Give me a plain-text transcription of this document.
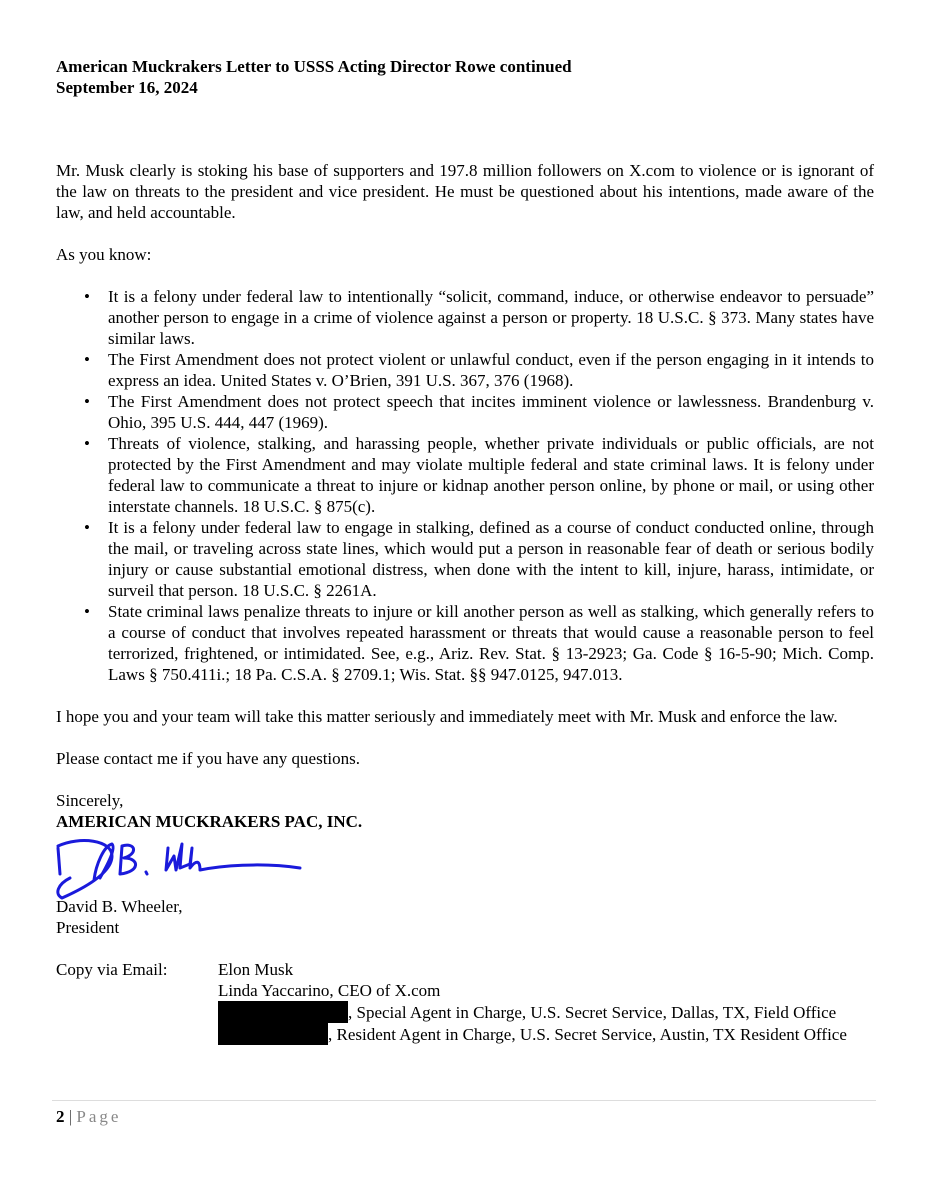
American Muckrakers Letter to USSS Acting Director Rowe continued
September 16, 2024

Mr. Musk clearly is stoking his base of supporters and 197.8 million followers on X.com to violence or is ignorant of the law on threats to the president and vice president. He must be questioned about his intentions, made aware of the law, and held accountable.

As you know:

• It is a felony under federal law to intentionally “solicit, command, induce, or otherwise endeavor to persuade” another person to engage in a crime of violence against a person or property. 18 U.S.C. § 373. Many states have similar laws.
• The First Amendment does not protect violent or unlawful conduct, even if the person engaging in it intends to express an idea. United States v. O’Brien, 391 U.S. 367, 376 (1968).
• The First Amendment does not protect speech that incites imminent violence or lawlessness. Brandenburg v. Ohio, 395 U.S. 444, 447 (1969).
• Threats of violence, stalking, and harassing people, whether private individuals or public officials, are not protected by the First Amendment and may violate multiple federal and state criminal laws. It is felony under federal law to communicate a threat to injure or kidnap another person online, by phone or mail, or using other interstate channels. 18 U.S.C. § 875(c).
• It is a felony under federal law to engage in stalking, defined as a course of conduct conducted online, through the mail, or traveling across state lines, which would put a person in reasonable fear of death or serious bodily injury or cause substantial emotional distress, when done with the intent to kill, injure, harass, intimidate, or surveil that person. 18 U.S.C. § 2261A.
• State criminal laws penalize threats to injure or kill another person as well as stalking, which generally refers to a course of conduct that involves repeated harassment or threats that would cause a reasonable person to feel terrorized, frightened, or intimidated. See, e.g., Ariz. Rev. Stat. § 13-2923; Ga. Code § 16-5-90; Mich. Comp. Laws § 750.411i.; 18 Pa. C.S.A. § 2709.1; Wis. Stat. §§ 947.0125, 947.013.

I hope you and your team will take this matter seriously and immediately meet with Mr. Musk and enforce the law.

Please contact me if you have any questions.

Sincerely,
AMERICAN MUCKRAKERS PAC, INC.
David B. Wheeler,
President
Copy via Email:	Elon Musk
Linda Yaccarino, CEO of X.com
, Special Agent in Charge, U.S. Secret Service, Dallas, TX, Field Office
, Resident Agent in Charge, U.S. Secret Service, Austin, TX Resident Office
2 | Page
